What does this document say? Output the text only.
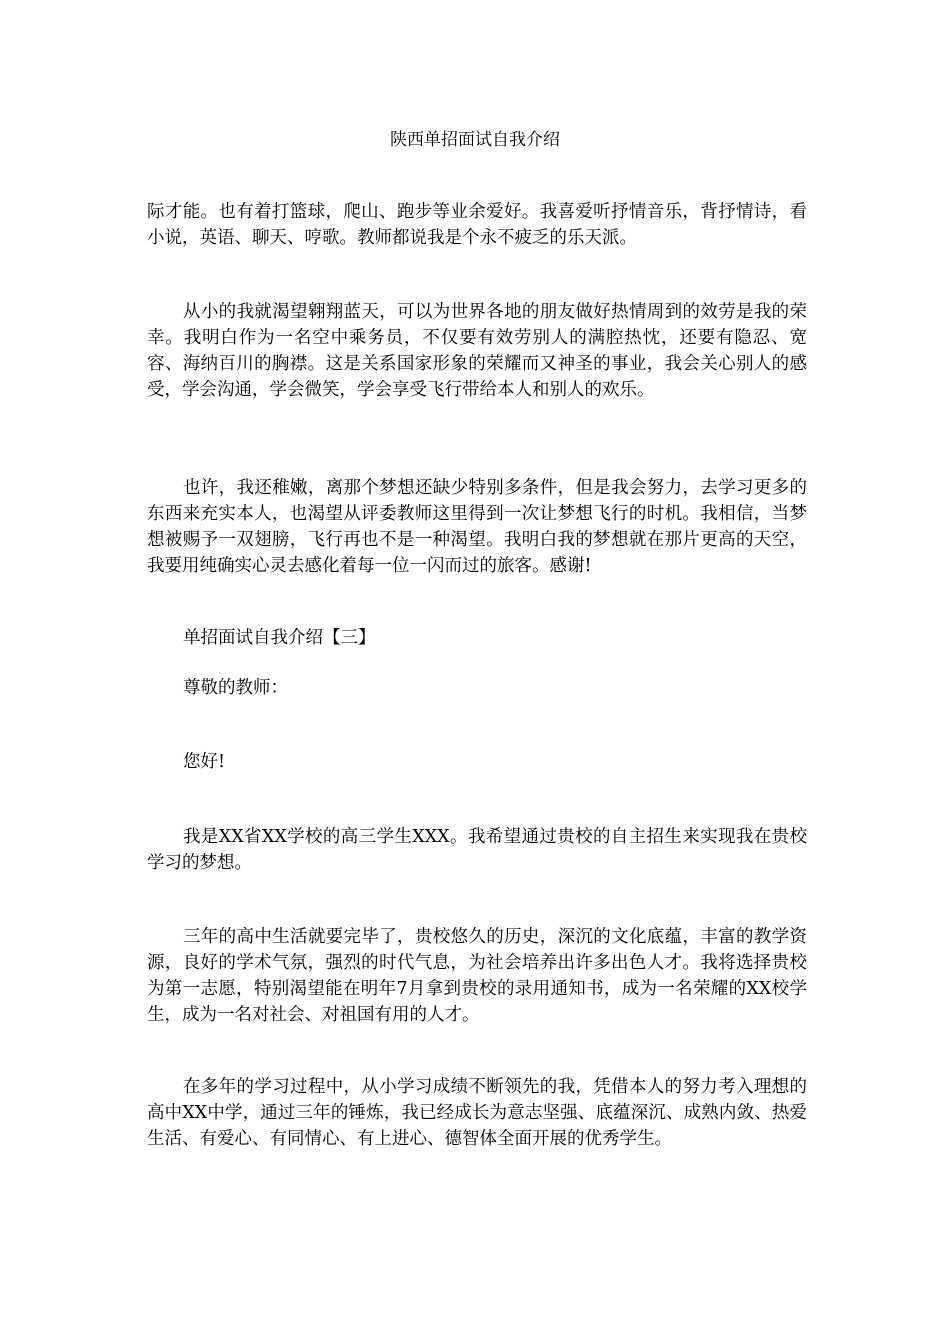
陕西单招面试自我介绍

际才能。也有着打篮球，爬山、跑步等业余爱好。我喜爱听抒情音乐，背抒情诗，看小说，英语、聊天、哼歌。教师都说我是个永不疲乏的乐天派。

从小的我就渴望翱翔蓝天，可以为世界各地的朋友做好热情周到的效劳是我的荣幸。我明白作为一名空中乘务员，不仅要有效劳别人的满腔热忱，还要有隐忍、宽容、海纳百川的胸襟。这是关系国家形象的荣耀而又神圣的事业，我会关心别人的感受，学会沟通，学会微笑，学会享受飞行带给本人和别人的欢乐。

也许，我还稚嫩，离那个梦想还缺少特别多条件，但是我会努力，去学习更多的东西来充实本人，也渴望从评委教师这里得到一次让梦想飞行的时机。我相信，当梦想被赐予一双翅膀，飞行再也不是一种渴望。我明白我的梦想就在那片更高的天空，我要用纯确实心灵去感化着每一位一闪而过的旅客。感谢!

单招面试自我介绍【三】

尊敬的教师：

您好!

我是XX省XX学校的高三学生XXX。我希望通过贵校的自主招生来实现我在贵校学习的梦想。

三年的高中生活就要完毕了，贵校悠久的历史，深沉的文化底蕴，丰富的教学资源，良好的学术气氛，强烈的时代气息，为社会培养出许多出色人才。我将选择贵校为第一志愿，特别渴望能在明年7月拿到贵校的录用通知书，成为一名荣耀的XX校学生，成为一名对社会、对祖国有用的人才。

在多年的学习过程中，从小学习成绩不断领先的我，凭借本人的努力考入理想的高中XX中学，通过三年的锤炼，我已经成长为意志坚强、底蕴深沉、成熟内敛、热爱生活、有爱心、有同情心、有上进心、德智体全面开展的优秀学生。
